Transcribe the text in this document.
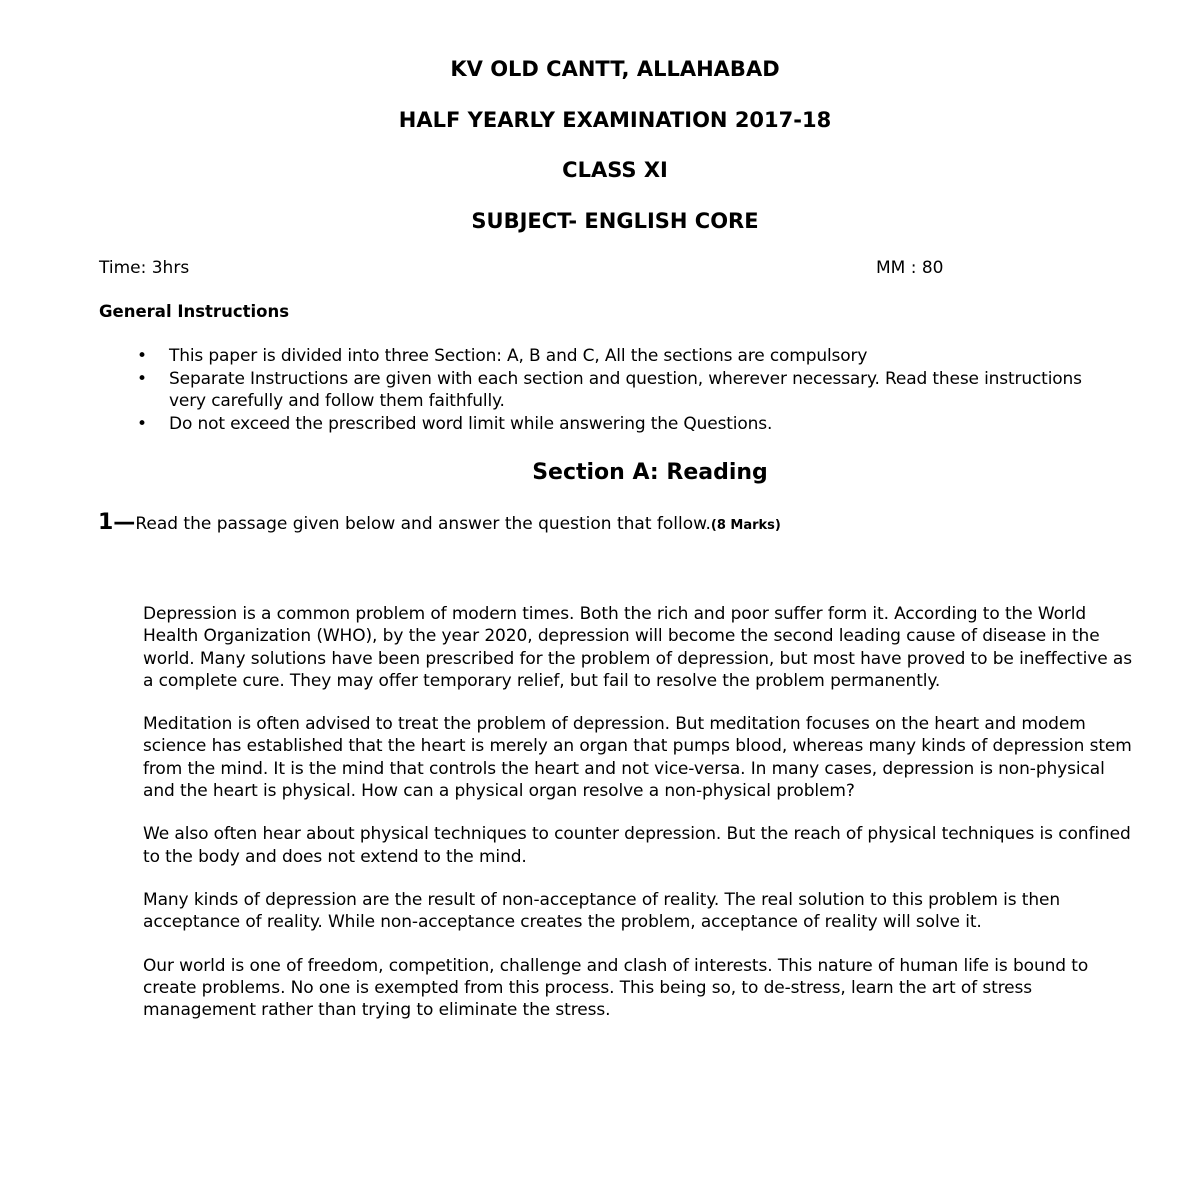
KV OLD CANTT, ALLAHABAD
HALF YEARLY EXAMINATION 2017-18
CLASS XI
SUBJECT- ENGLISH CORE
Time: 3hrs	MM : 80
General Instructions
• This paper is divided into three Section: A, B and C, All the sections are compulsory
• Separate Instructions are given with each section and question, wherever necessary. Read these instructions very carefully and follow them faithfully.
• Do not exceed the prescribed word limit while answering the Questions.
Section A: Reading
1—Read the passage given below and answer the question that follow.(8 Marks)

Depression is a common problem of modern times. Both the rich and poor suffer form it. According to the World Health Organization (WHO), by the year 2020, depression will become the second leading cause of disease in the world. Many solutions have been prescribed for the problem of depression, but most have proved to be ineffective as a complete cure. They may offer temporary relief, but fail to resolve the problem permanently.

Meditation is often advised to treat the problem of depression. But meditation focuses on the heart and modem science has established that the heart is merely an organ that pumps blood, whereas many kinds of depression stem from the mind. It is the mind that controls the heart and not vice-versa. In many cases, depression is non-physical and the heart is physical. How can a physical organ resolve a non-physical problem?

We also often hear about physical techniques to counter depression. But the reach of physical techniques is confined to the body and does not extend to the mind.

Many kinds of depression are the result of non-acceptance of reality. The real solution to this problem is then acceptance of reality. While non-acceptance creates the problem, acceptance of reality will solve it.

Our world is one of freedom, competition, challenge and clash of interests. This nature of human life is bound to create problems. No one is exempted from this process. This being so, to de-stress, learn the art of stress management rather than trying to eliminate the stress.
